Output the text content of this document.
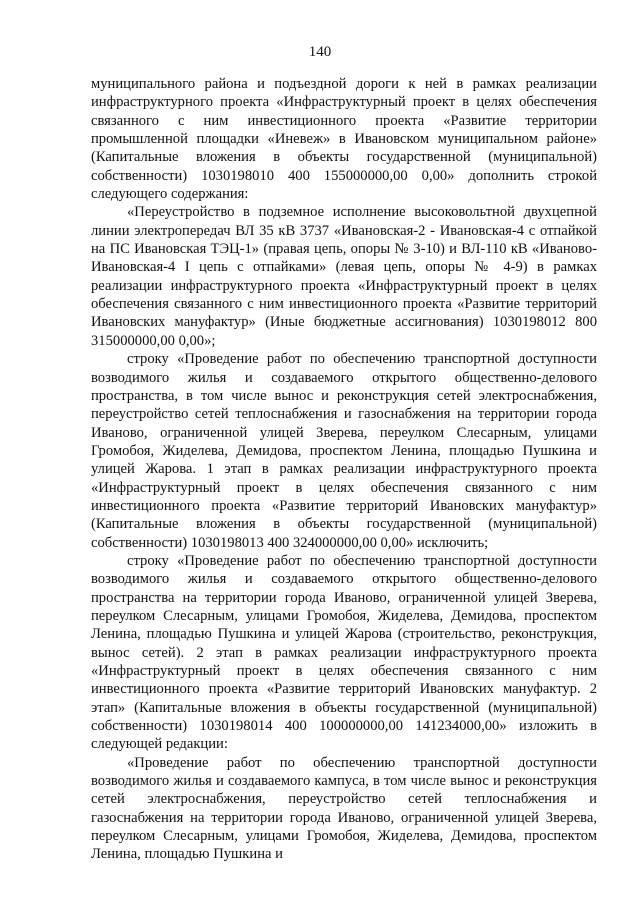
140

муниципального района и подъездной дороги к ней в рамках реализации инфраструктурного проекта «Инфраструктурный проект в целях обеспечения связанного с ним инвестиционного проекта «Развитие территории промышленной площадки «Иневеж» в Ивановском муниципальном районе» (Капитальные вложения в объекты государственной (муниципальной) собственности) 1030198010 400 155000000,00 0,00» дополнить строкой следующего содержания:

«Переустройство в подземное исполнение высоковольтной двухцепной линии электропередач ВЛ 35 кВ 3737 «Ивановская-2 - Ивановская-4 с отпайкой на ПС Ивановская ТЭЦ-1» (правая цепь, опоры № 3-10) и ВЛ-110 кВ «Иваново-Ивановская-4 I цепь с отпайками» (левая цепь, опоры № 4-9) в рамках реализации инфраструктурного проекта «Инфраструктурный проект в целях обеспечения связанного с ним инвестиционного проекта «Развитие территорий Ивановских мануфактур» (Иные бюджетные ассигнования) 1030198012 800 315000000,00 0,00»;

строку «Проведение работ по обеспечению транспортной доступности возводимого жилья и создаваемого открытого общественно-делового пространства, в том числе вынос и реконструкция сетей электроснабжения, переустройство сетей теплоснабжения и газоснабжения на территории города Иваново, ограниченной улицей Зверева, переулком Слесарным, улицами Громобоя, Жиделева, Демидова, проспектом Ленина, площадью Пушкина и улицей Жарова. 1 этап в рамках реализации инфраструктурного проекта «Инфраструктурный проект в целях обеспечения связанного с ним инвестиционного проекта «Развитие территорий Ивановских мануфактур» (Капитальные вложения в объекты государственной (муниципальной) собственности) 1030198013 400 324000000,00 0,00» исключить;

строку «Проведение работ по обеспечению транспортной доступности возводимого жилья и создаваемого открытого общественно-делового пространства на территории города Иваново, ограниченной улицей Зверева, переулком Слесарным, улицами Громобоя, Жиделева, Демидова, проспектом Ленина, площадью Пушкина и улицей Жарова (строительство, реконструкция, вынос сетей). 2 этап в рамках реализации инфраструктурного проекта «Инфраструктурный проект в целях обеспечения связанного с ним инвестиционного проекта «Развитие территорий Ивановских мануфактур. 2 этап» (Капитальные вложения в объекты государственной (муниципальной) собственности) 1030198014 400 100000000,00 141234000,00» изложить в следующей редакции:

«Проведение работ по обеспечению транспортной доступности возводимого жилья и создаваемого кампуса, в том числе вынос и реконструкция сетей электроснабжения, переустройство сетей теплоснабжения и газоснабжения на территории города Иваново, ограниченной улицей Зверева, переулком Слесарным, улицами Громобоя, Жиделева, Демидова, проспектом Ленина, площадью Пушкина и
